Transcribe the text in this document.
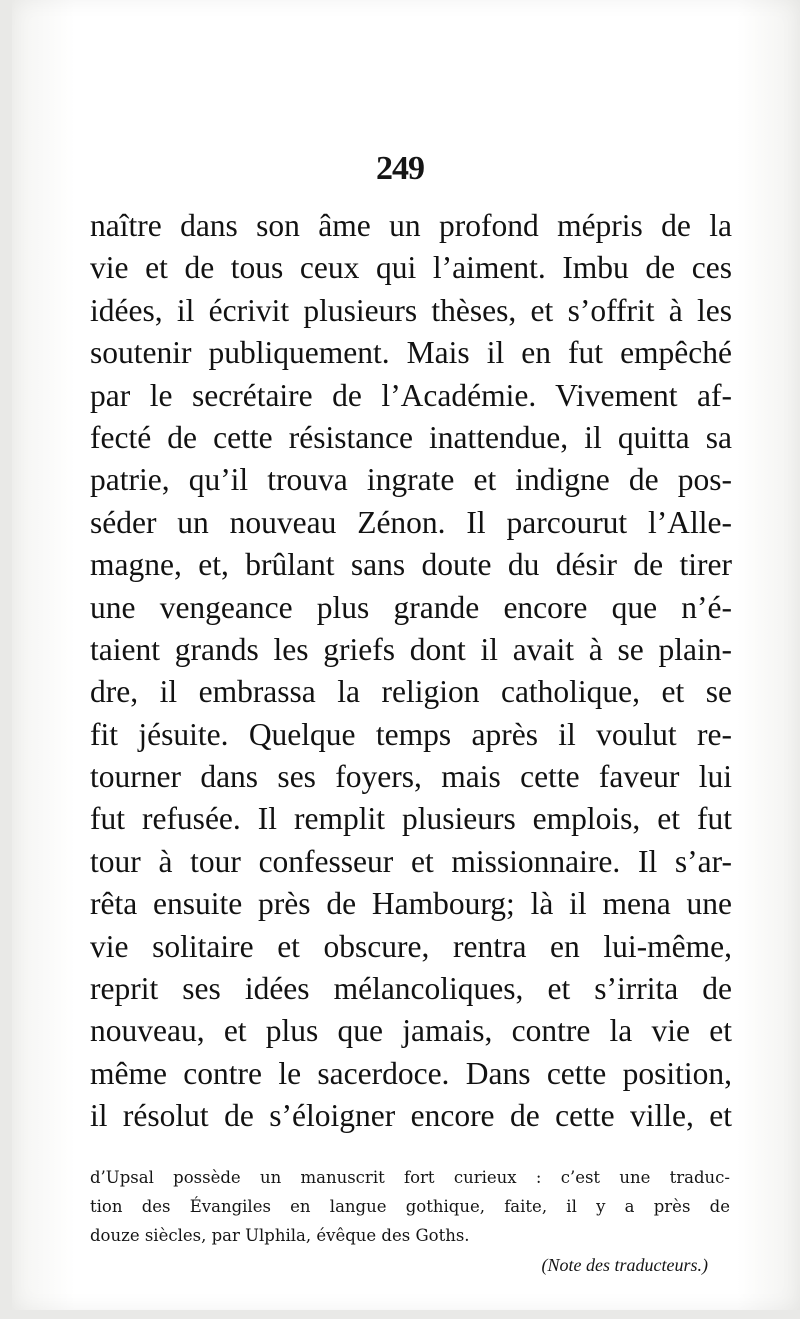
249
naître dans son âme un profond mépris de la
vie et de tous ceux qui l’aiment. Imbu de ces
idées, il écrivit plusieurs thèses, et s’offrit à les
soutenir publiquement. Mais il en fut empêché
par le secrétaire de l’Académie. Vivement af-
fecté de cette résistance inattendue, il quitta sa
patrie, qu’il trouva ingrate et indigne de pos-
séder un nouveau Zénon. Il parcourut l’Alle-
magne, et, brûlant sans doute du désir de tirer
une vengeance plus grande encore que n’é-
taient grands les griefs dont il avait à se plain-
dre, il embrassa la religion catholique, et se
fit jésuite. Quelque temps après il voulut re-
tourner dans ses foyers, mais cette faveur lui
fut refusée. Il remplit plusieurs emplois, et fut
tour à tour confesseur et missionnaire. Il s’ar-
rêta ensuite près de Hambourg; là il mena une
vie solitaire et obscure, rentra en lui-même,
reprit ses idées mélancoliques, et s’irrita de
nouveau, et plus que jamais, contre la vie et
même contre le sacerdoce. Dans cette position,
il résolut de s’éloigner encore de cette ville, et
d’Upsal possède un manuscrit fort curieux : c’est une traduc-
tion des Évangiles en langue gothique, faite, il y a près de
douze siècles, par Ulphila, évêque des Goths.
(Note des traducteurs.)
